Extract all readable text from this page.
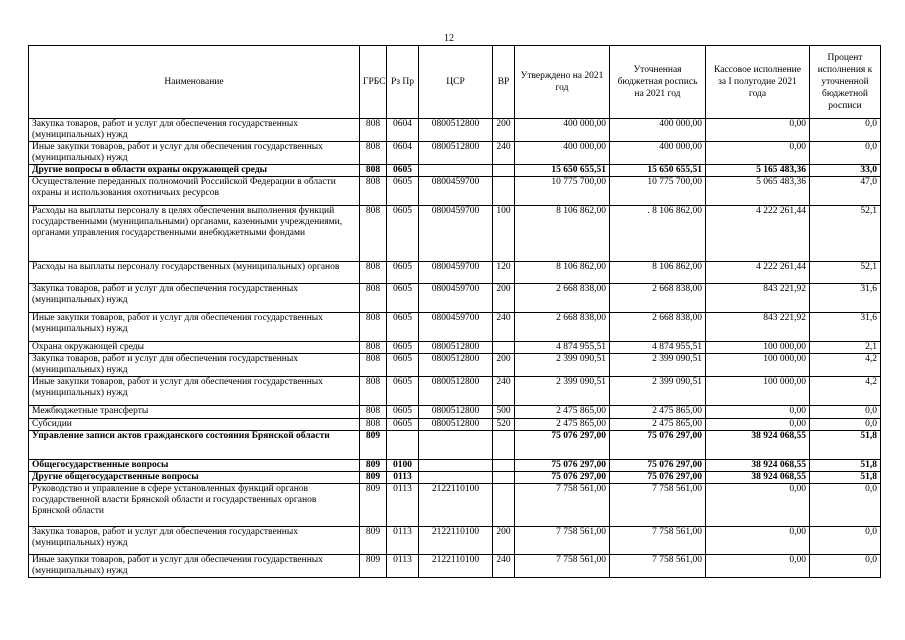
12
Наименование	ГРБС	Рз Пр	ЦСР	ВР	Утверждено на 2021 год	Уточненная бюджетная роспись на 2021 год	Кассовое исполнение за I полугодие 2021 года	Процент исполнения к уточненной бюджетной росписи
Закупка товаров, работ и услуг для обеспечения государственных (муниципальных) нужд	808	0604	0800512800	200	400 000,00	400 000,00	0,00	0,0
Иные закупки товаров, работ и услуг для обеспечения государственных (муниципальных) нужд	808	0604	0800512800	240	400 000,00	400 000,00	0,00	0,0
Другие вопросы в области охраны окружающей среды	808	0605			15 650 655,51	15 650 655,51	5 165 483,36	33,0
Осуществление переданных полномочий Российской Федерации в области охраны и использования охотничьих ресурсов	808	0605	0800459700		10 775 700,00	10 775 700,00	5 065 483,36	47,0
Расходы на выплаты персоналу в целях обеспечения выполнения функций государственными (муниципальными) органами, казенными учреждениями, органами управления государственными внебюджетными фондами	808	0605	0800459700	100	8 106 862,00	. 8 106 862,00	4 222 261,44	52,1
Расходы на выплаты персоналу государственных (муниципальных) органов	808	0605	0800459700	120	8 106 862,00	8 106 862,00	4 222 261,44	52,1
Закупка товаров, работ и услуг для обеспечения государственных (муниципальных) нужд	808	0605	0800459700	200	2 668 838,00	2 668 838,00	843 221,92	31,6
Иные закупки товаров, работ и услуг для обеспечения государственных (муниципальных) нужд	808	0605	0800459700	240	2 668 838,00	2 668 838,00	843 221,92	31,6
Охрана окружающей среды	808	0605	0800512800		4 874 955,51	4 874 955,51	100 000,00	2,1
Закупка товаров, работ и услуг для обеспечения государственных (муниципальных) нужд	808	0605	0800512800	200	2 399 090,51	2 399 090,51	100 000,00	4,2
Иные закупки товаров, работ и услуг для обеспечения государственных (муниципальных) нужд	808	0605	0800512800	240	2 399 090,51	2 399 090,51	100 000,00	4,2
Межбюджетные трансферты	808	0605	0800512800	500	2 475 865,00	2 475 865,00	0,00	0,0
Субсидии	808	0605	0800512800	520	2 475 865,00	2 475 865,00	0,00	0,0
Управление записи актов гражданского состояния Брянской области	809				75 076 297,00	75 076 297,00	38 924 068,55	51,8
Общегосударственные вопросы	809	0100			75 076 297,00	75 076 297,00	38 924 068,55	51,8
Другие общегосударственные вопросы	809	0113			75 076 297,00	75 076 297,00	38 924 068,55	51,8
Руководство и управление в сфере установленных функций органов государственной власти Брянской области и государственных органов Брянской области	809	0113	2122110100		7 758 561,00	7 758 561,00	0,00	0,0
Закупка товаров, работ и услуг для обеспечения государственных (муниципальных) нужд	809	0113	2122110100	200	7 758 561,00	7 758 561,00	0,00	0,0
Иные закупки товаров, работ и услуг для обеспечения государственных (муниципальных) нужд	809	0113	2122110100	240	7 758 561,00	7 758 561,00	0,00	0,0
